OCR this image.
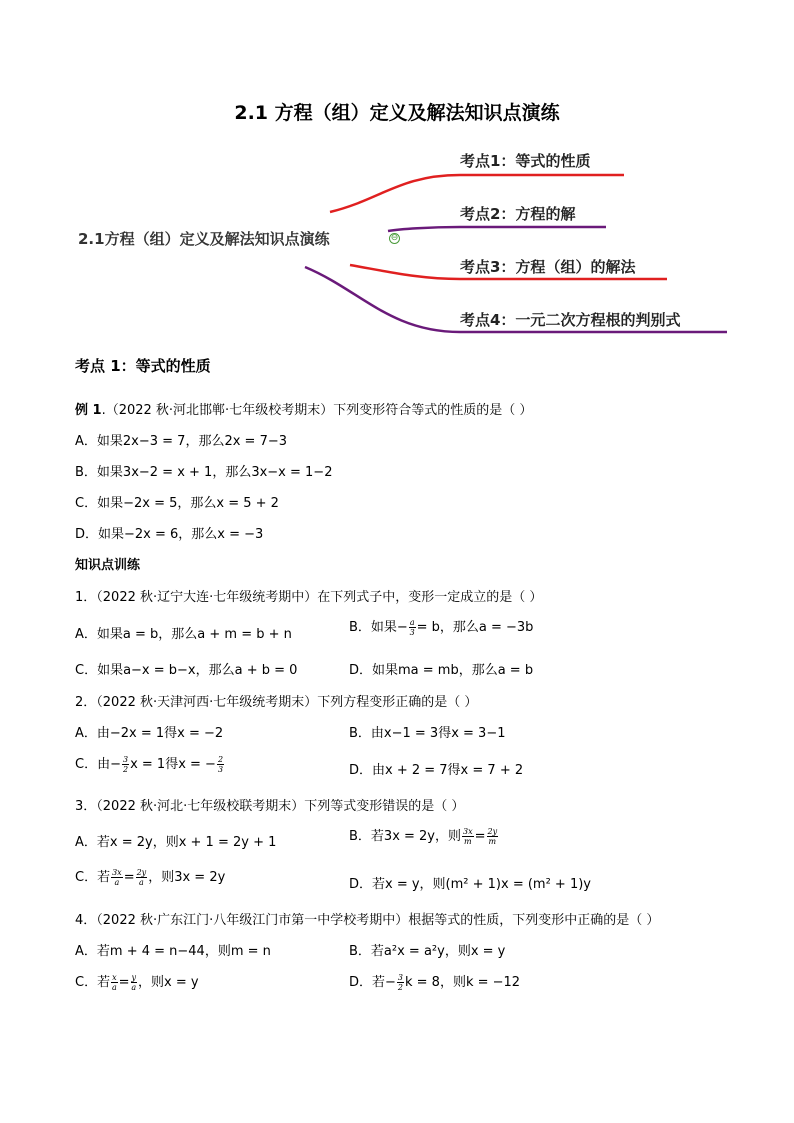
2.1 方程（组）定义及解法知识点演练
2.1方程（组）定义及解法知识点演练	⊖
考点1：等式的性质
考点2：方程的解
考点3：方程（组）的解法
考点4：一元二次方程根的判别式
考点 1：等式的性质
例 1.（2022 秋·河北邯郸·七年级校考期末）下列变形符合等式的性质的是（ ）
A．如果2x−3 = 7，那么2x = 7−3
B．如果3x−2 = x + 1，那么3x−x = 1−2
C．如果−2x = 5，那么x = 5 + 2
D．如果−2x = 6，那么x = −3
知识点训练
1．（2022 秋·辽宁大连·七年级统考期中）在下列式子中，变形一定成立的是（ ）
A．如果a = b，那么a + m = b + n	B．如果− $\frac{a}{3} = b$，那么a = −3b
C．如果a−x = b−x，那么a + b = 0	D．如果ma = mb，那么a = b
2．（2022 秋·天津河西·七年级统考期末）下列方程变形正确的是（ ）
A．由−2x = 1得x = −2	B．由x−1 = 3得x = 3−1
C．由− $\frac{3}{2}$ x = 1得x = − $\frac{2}{3}$	D．由x + 2 = 7得x = 7 + 2
3．（2022 秋·河北·七年级校联考期末）下列等式变形错误的是（ ）
A．若x = 2y，则x + 1 = 2y + 1	B．若3x = 2y，则 $\frac{3x}{m} = \frac{2y}{m}$
C．若 $\frac{3x}{a} = \frac{2y}{a}$ ，则3x = 2y	D．若x = y，则(m² + 1)x = (m² + 1)y
4．（2022 秋·广东江门·八年级江门市第一中学校考期中）根据等式的性质，下列变形中正确的是（ ）
A．若m + 4 = n−44，则m = n	B．若a²x = a²y，则x = y
C．若 $\frac{x}{a} = \frac{y}{a}$ ，则x = y	D．若− $\frac{3}{2}$ k = 8，则k = −12
